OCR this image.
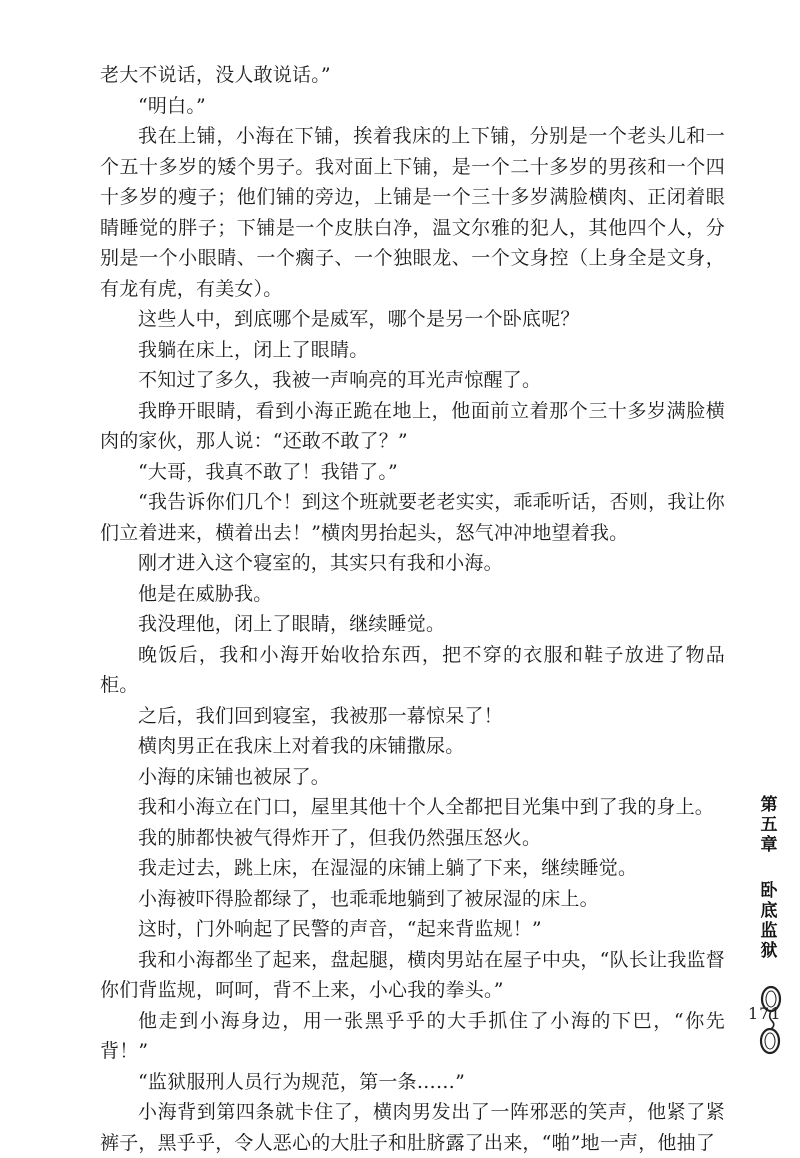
老大不说话，没人敢说话。”

“明白。”

我在上铺，小海在下铺，挨着我床的上下铺，分别是一个老头儿和一个五十多岁的矮个男子。我对面上下铺，是一个二十多岁的男孩和一个四十多岁的瘦子；他们铺的旁边，上铺是一个三十多岁满脸横肉、正闭着眼睛睡觉的胖子；下铺是一个皮肤白净，温文尔雅的犯人，其他四个人，分别是一个小眼睛、一个瘸子、一个独眼龙、一个文身控（上身全是文身，有龙有虎，有美女）。

这些人中，到底哪个是威军，哪个是另一个卧底呢？

我躺在床上，闭上了眼睛。

不知过了多久，我被一声响亮的耳光声惊醒了。

我睁开眼睛，看到小海正跪在地上，他面前立着那个三十多岁满脸横肉的家伙，那人说：“还敢不敢了？”

“大哥，我真不敢了！我错了。”

“我告诉你们几个！到这个班就要老老实实，乖乖听话，否则，我让你们立着进来，横着出去！”横肉男抬起头，怒气冲冲地望着我。

刚才进入这个寝室的，其实只有我和小海。

他是在威胁我。

我没理他，闭上了眼睛，继续睡觉。

晚饭后，我和小海开始收拾东西，把不穿的衣服和鞋子放进了物品柜。

之后，我们回到寝室，我被那一幕惊呆了！

横肉男正在我床上对着我的床铺撒尿。

小海的床铺也被尿了。

我和小海立在门口，屋里其他十个人全都把目光集中到了我的身上。

我的肺都快被气得炸开了，但我仍然强压怒火。

我走过去，跳上床，在湿湿的床铺上躺了下来，继续睡觉。

小海被吓得脸都绿了，也乖乖地躺到了被尿湿的床上。

这时，门外响起了民警的声音，“起来背监规！”

我和小海都坐了起来，盘起腿，横肉男站在屋子中央，“队长让我监督你们背监规，呵呵，背不上来，小心我的拳头。”

他走到小海身边，用一张黑乎乎的大手抓住了小海的下巴，“你先背！”

“监狱服刑人员行为规范，第一条……”

小海背到第四条就卡住了，横肉男发出了一阵邪恶的笑声，他紧了紧裤子，黑乎乎，令人恶心的大肚子和肚脐露了出来，“啪”地一声，他抽了

第
五
章
卧
底
监
狱
171
